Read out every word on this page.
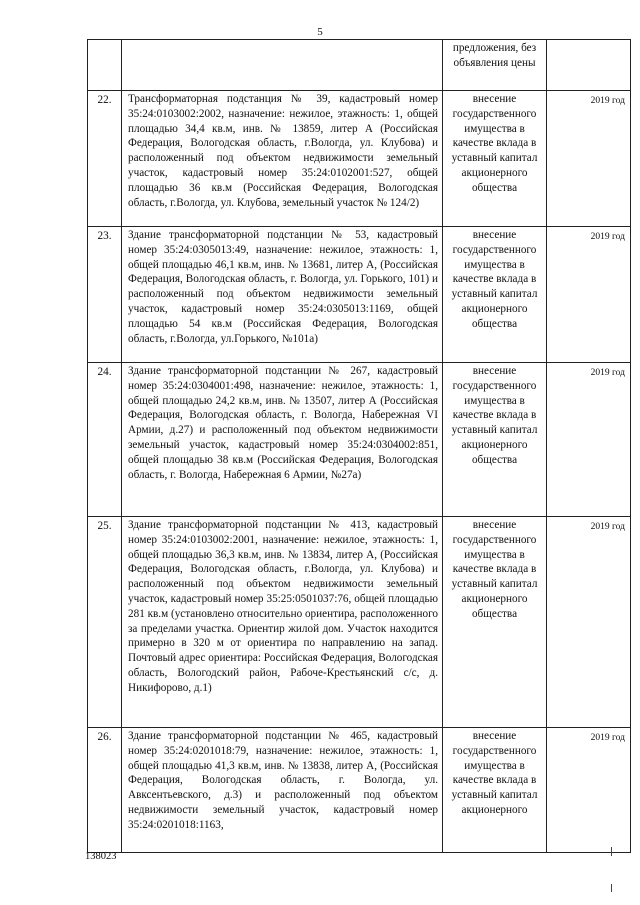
5
		предложения, без объявления цены	
22.	Трансформаторная подстанция № 39, кадастровый номер 35:24:0103002:2002, назначение: нежилое, этажность: 1, общей площадью 34,4 кв.м, инв. № 13859, литер А (Российская Федерация, Вологодская область, г.Вологда, ул. Клубова) и расположенный под объектом недвижимости земельный участок, кадастровый номер 35:24:0102001:527, общей площадью 36 кв.м (Российская Федерация, Вологодская область, г.Вологда, ул. Клубова, земельный участок № 124/2)	внесение государственного имущества в качестве вклада в уставный капитал акционерного общества	2019 год
23.	Здание трансформаторной подстанции № 53, кадастровый номер 35:24:0305013:49, назначение: нежилое, этажность: 1, общей площадью 46,1 кв.м, инв. № 13681, литер А, (Российская Федерация, Вологодская область, г. Вологда, ул. Горького, 101) и расположенный под объектом недвижимости земельный участок, кадастровый номер 35:24:0305013:1169, общей площадью 54 кв.м (Российская Федерация, Вологодская область, г.Вологда, ул.Горького, №101а)	внесение государственного имущества в качестве вклада в уставный капитал акционерного общества	2019 год
24.	Здание трансформаторной подстанции № 267, кадастровый номер 35:24:0304001:498, назначение: нежилое, этажность: 1, общей площадью 24,2 кв.м, инв. № 13507, литер А (Российская Федерация, Вологодская область, г. Вологда, Набережная VI Армии, д.27) и расположенный под объектом недвижимости земельный участок, кадастровый номер 35:24:0304002:851, общей площадью 38 кв.м (Российская Федерация, Вологодская область, г. Вологда, Набережная 6 Армии, №27а)	внесение государственного имущества в качестве вклада в уставный капитал акционерного общества	2019 год
25.	Здание трансформаторной подстанции № 413, кадастровый номер 35:24:0103002:2001, назначение: нежилое, этажность: 1, общей площадью 36,3 кв.м, инв. № 13834, литер А, (Российская Федерация, Вологодская область, г.Вологда, ул. Клубова) и расположенный под объектом недвижимости земельный участок, кадастровый номер 35:25:0501037:76, общей площадью 281 кв.м (установлено относительно ориентира, расположенного за пределами участка. Ориентир жилой дом. Участок находится примерно в 320 м от ориентира по направлению на запад. Почтовый адрес ориентира: Российская Федерация, Вологодская область, Вологодский район, Рабоче-Крестьянский с/с, д. Никифорово, д.1)	внесение государственного имущества в качестве вклада в уставный капитал акционерного общества	2019 год
26.	Здание трансформаторной подстанции № 465, кадастровый номер 35:24:0201018:79, назначение: нежилое, этажность: 1, общей площадью 41,3 кв.м, инв. № 13838, литер А, (Российская Федерация, Вологодская область, г. Вологда, ул. Авксентьевского, д.3) и расположенный под объектом недвижимости земельный участок, кадастровый номер 35:24:0201018:1163,	внесение государственного имущества в качестве вклада в уставный капитал акционерного	2019 год
138023
